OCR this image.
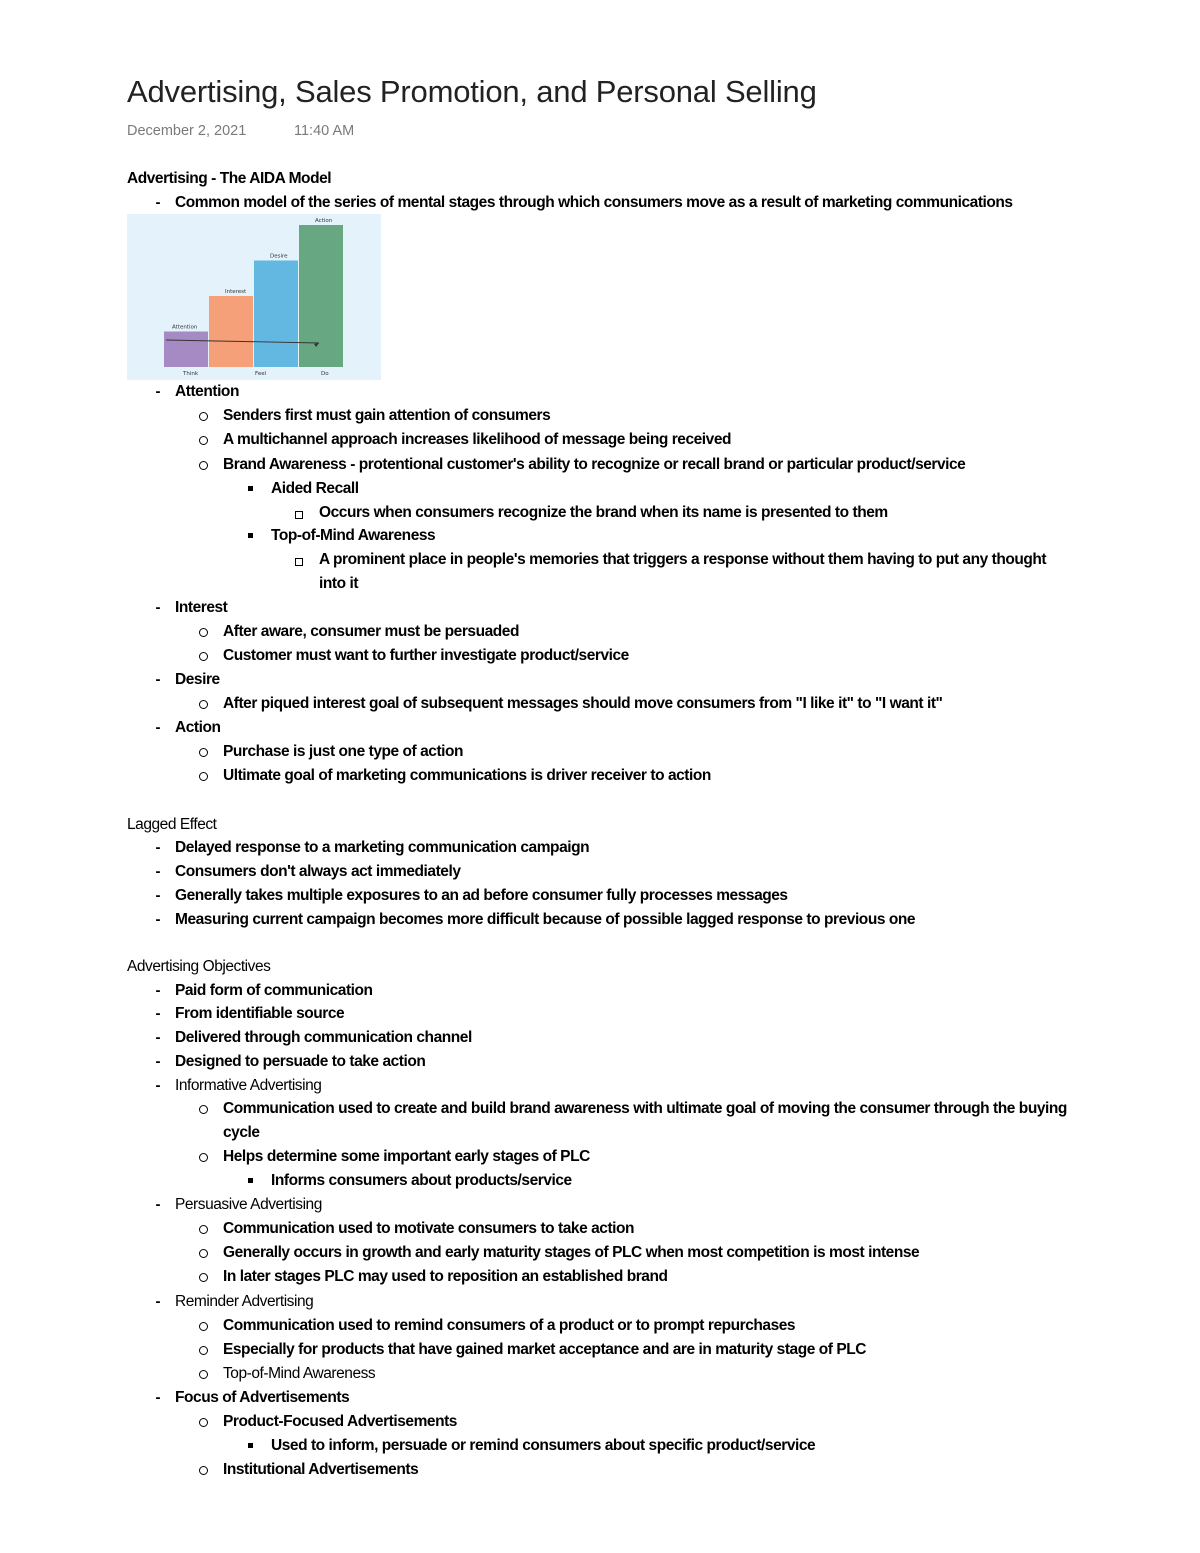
Advertising, Sales Promotion, and Personal Selling
December 2, 2021	11:40 AM
Attention
Interest
Desire
Action
Think	Feel	Do
Advertising - The AIDA Model
- Common model of the series of mental stages through which consumers move as a result of marketing communications
- Attention
Senders first must gain attention of consumers
A multichannel approach increases likelihood of message being received
Brand Awareness - protentional customer's ability to recognize or recall brand or particular product/service
Aided Recall
Occurs when consumers recognize the brand when its name is presented to them
Top-of-Mind Awareness
A prominent place in people's memories that triggers a response without them having to put any thought
into it
- Interest
After aware, consumer must be persuaded
Customer must want to further investigate product/service
- Desire
After piqued interest goal of subsequent messages should move consumers from "I like it" to "I want it"
- Action
Purchase is just one type of action
Ultimate goal of marketing communications is driver receiver to action
Lagged Effect
- Delayed response to a marketing communication campaign
- Consumers don't always act immediately
- Generally takes multiple exposures to an ad before consumer fully processes messages
- Measuring current campaign becomes more difficult because of possible lagged response to previous one
Advertising Objectives
- Paid form of communication
- From identifiable source
- Delivered through communication channel
- Designed to persuade to take action
- Informative Advertising
Communication used to create and build brand awareness with ultimate goal of moving the consumer through the buying
cycle
Helps determine some important early stages of PLC
Informs consumers about products/service
- Persuasive Advertising
Communication used to motivate consumers to take action
Generally occurs in growth and early maturity stages of PLC when most competition is most intense
In later stages PLC may used to reposition an established brand
- Reminder Advertising
Communication used to remind consumers of a product or to prompt repurchases
Especially for products that have gained market acceptance and are in maturity stage of PLC
Top-of-Mind Awareness
- Focus of Advertisements
Product-Focused Advertisements
Used to inform, persuade or remind consumers about specific product/service
Institutional Advertisements
